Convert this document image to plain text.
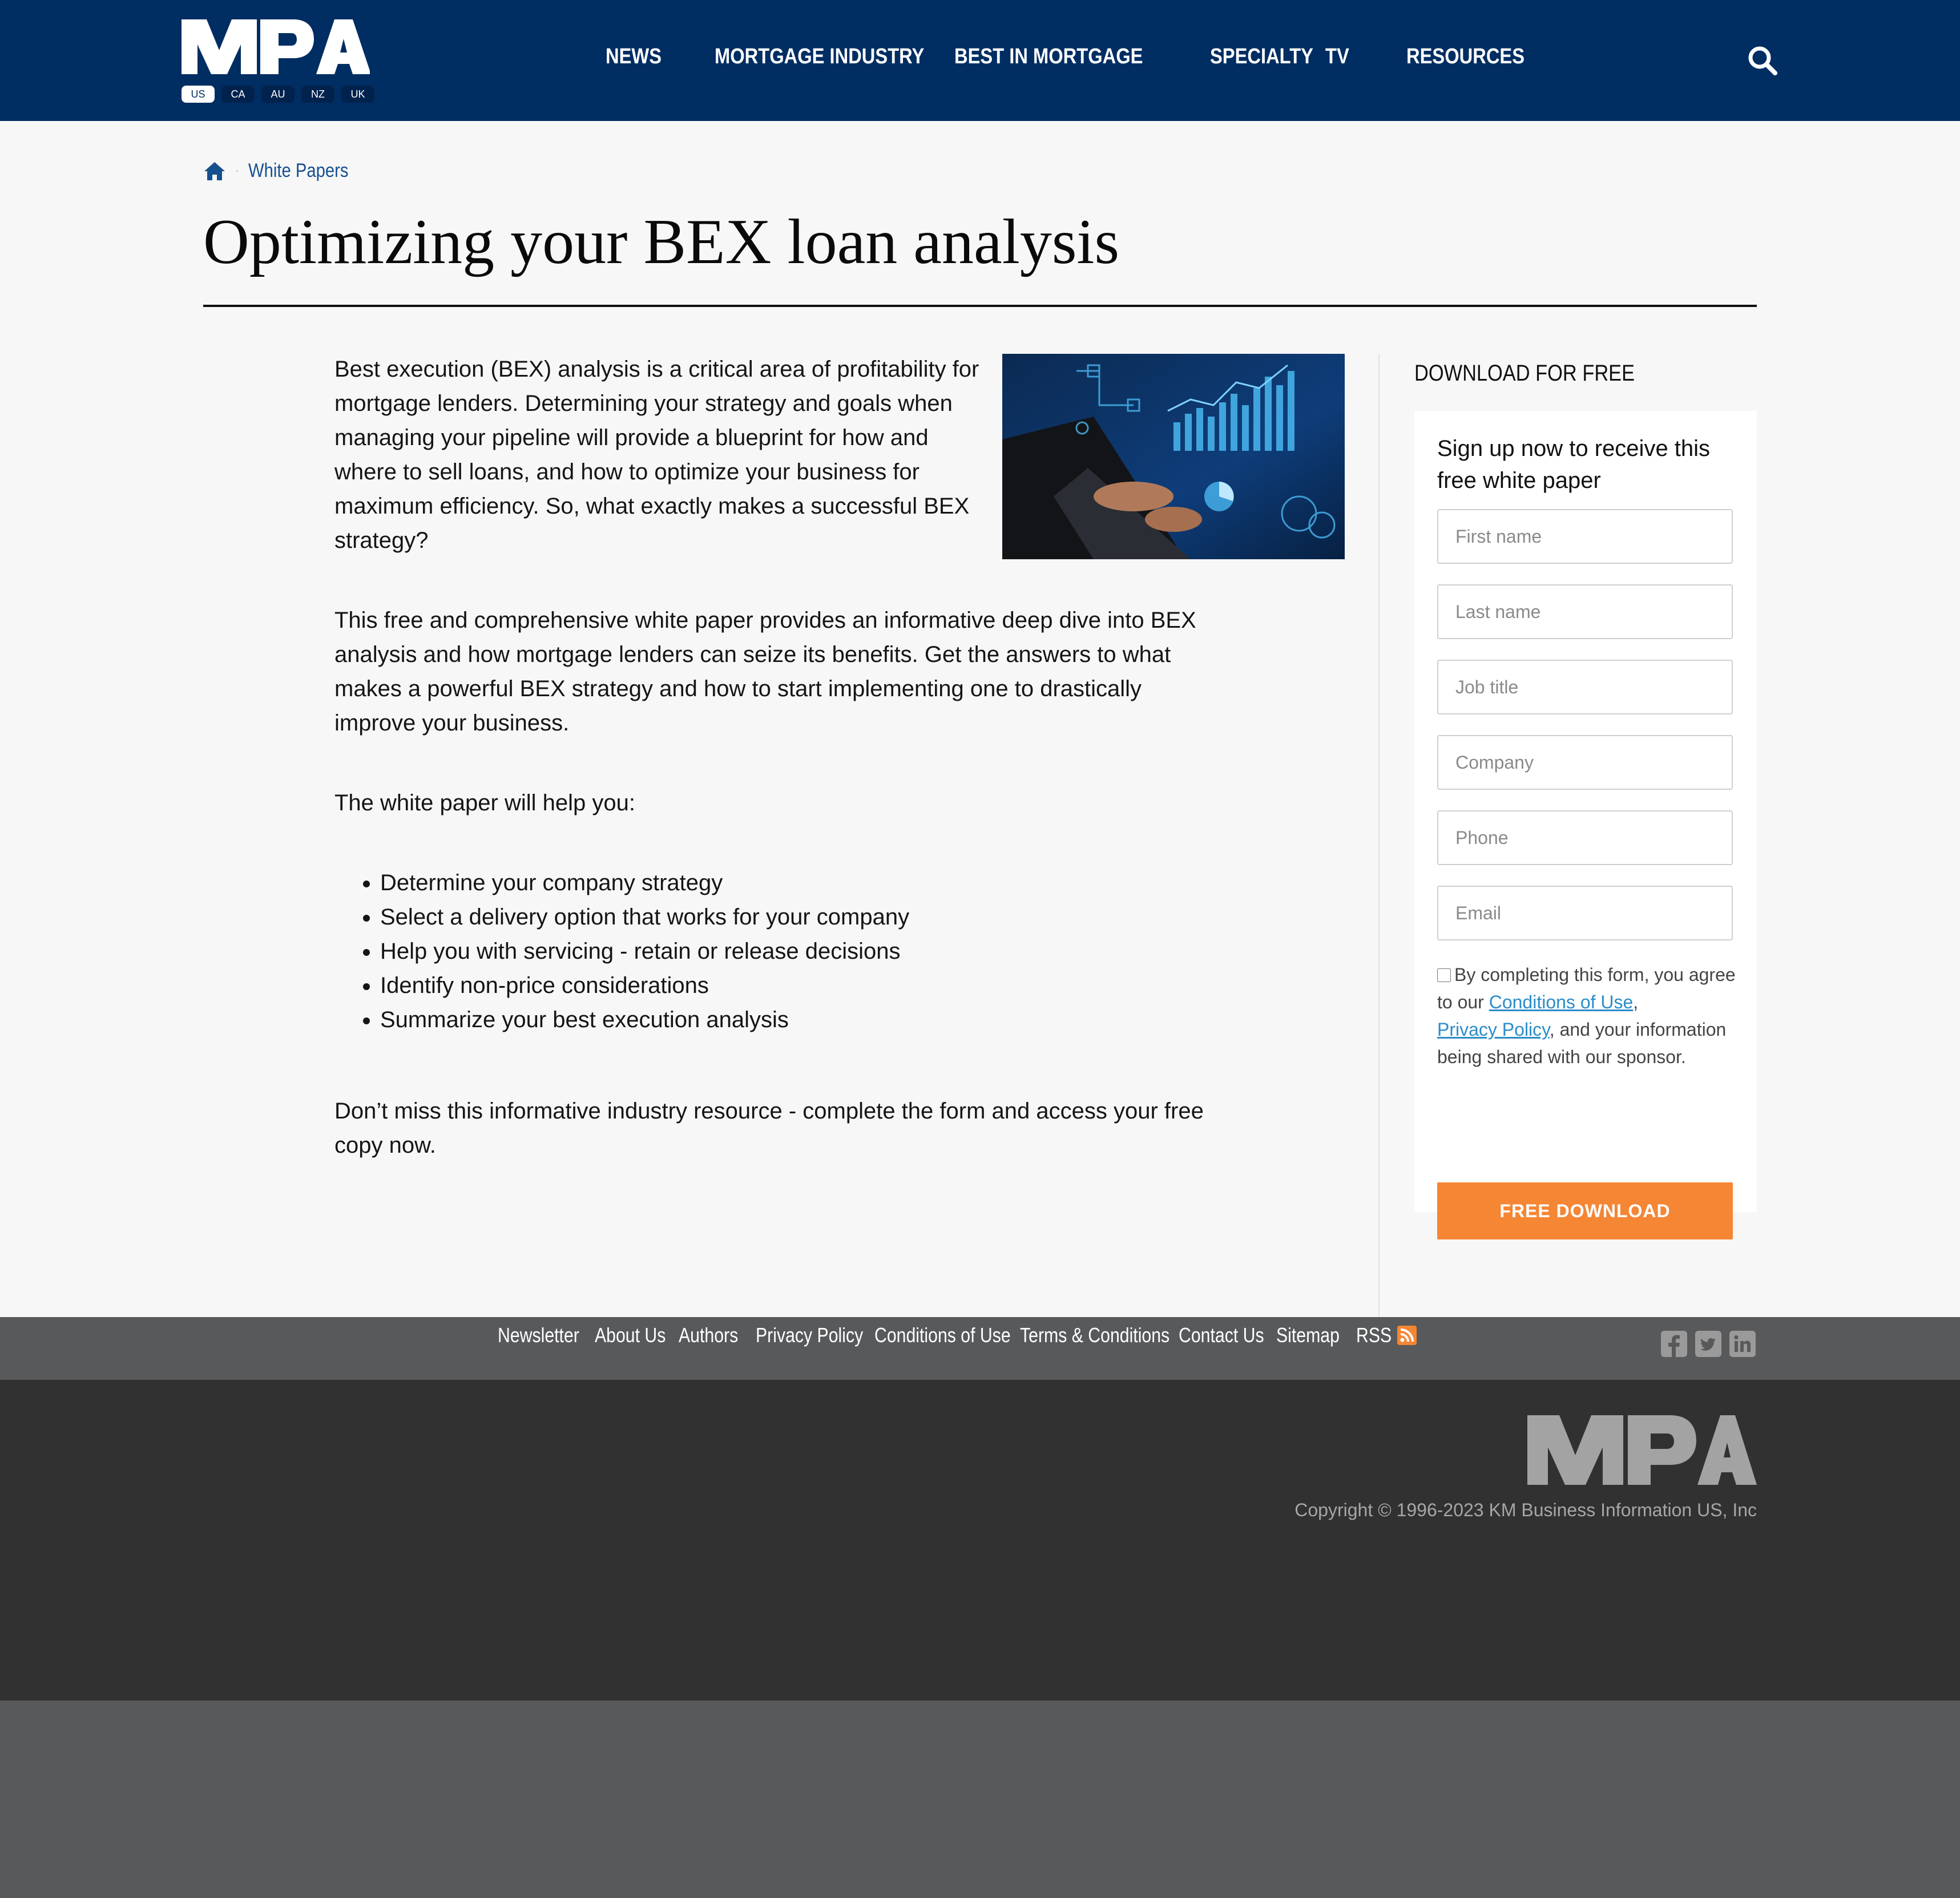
US	CA	AU	NZ	UK
NEWS MORTGAGE INDUSTRY BEST IN MORTGAGE	SPECIALTY TV	RESOURCES
· White Papers
Optimizing your BEX loan analysis

Best execution (BEX) analysis is a critical area of profitability for mortgage lenders. Determining your strategy and goals when managing your pipeline will provide a blueprint for how and where to sell loans, and how to optimize your business for maximum efficiency. So, what exactly makes a successful BEX strategy?

This free and comprehensive white paper provides an informative deep dive into BEX analysis and how mortgage lenders can seize its benefits. Get the answers to what makes a powerful BEX strategy and how to start implementing one to drastically improve your business.

The white paper will help you:

• Determine your company strategy
• Select a delivery option that works for your company
• Help you with servicing - retain or release decisions
• Identify non-price considerations
• Summarize your best execution analysis

Don’t miss this informative industry resource - complete the form and access your free copy now.

DOWNLOAD FOR FREE
Sign up now to receive this free white paper
First name
Last name
Job title
Company
Phone
Email
By completing this form, you agree to our Conditions of Use,
Privacy Policy, and your information being shared with our sponsor.
FREE DOWNLOAD
Newsletter About Us Authors Privacy Policy Conditions of Use Terms & Conditions Contact Us Sitemap RSS
Copyright © 1996-2023 KM Business Information US, Inc
